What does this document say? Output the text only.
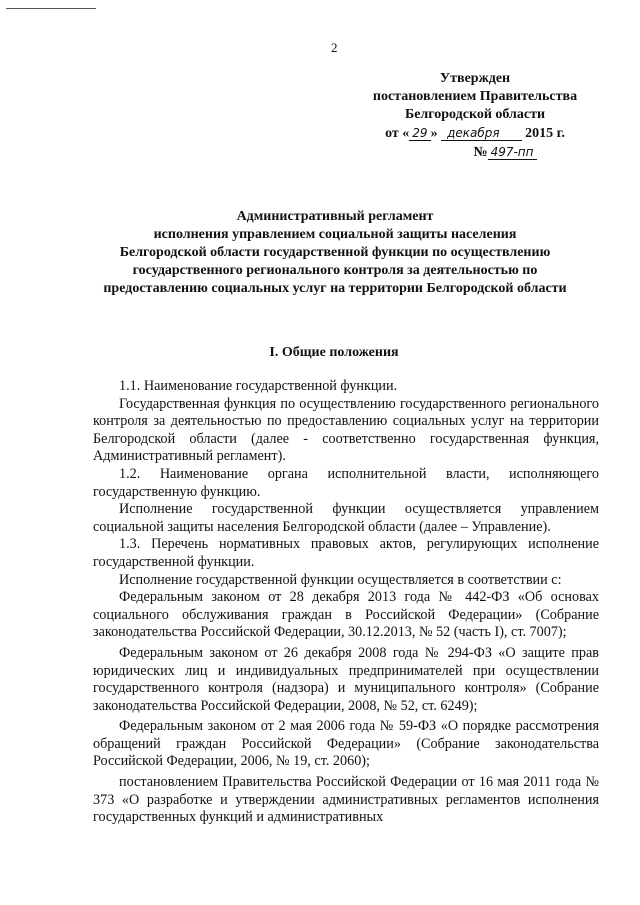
2
Утвержден
постановлением Правительства
Белгородской области
от « 29 » декабря 2015 г.
№ 497-пп
Административный регламент
исполнения управлением социальной защиты населения
Белгородской области государственной функции по осуществлению
государственного регионального контроля за деятельностью по
предоставлению социальных услуг на территории Белгородской области
I. Общие положения

1.1. Наименование государственной функции.

Государственная функция по осуществлению государственного регионального контроля за деятельностью по предоставлению социальных услуг на территории Белгородской области (далее - соответственно государственная функция, Административный регламент).

1.2. Наименование органа исполнительной власти, исполняющего государственную функцию.

Исполнение государственной функции осуществляется управлением социальной защиты населения Белгородской области (далее – Управление).

1.3. Перечень нормативных правовых актов, регулирующих исполнение государственной функции.

Исполнение государственной функции осуществляется в соответствии с:

Федеральным законом от 28 декабря 2013 года № 442-ФЗ «Об основах социального обслуживания граждан в Российской Федерации» (Собрание законодательства Российской Федерации, 30.12.2013, № 52 (часть I), ст. 7007);

Федеральным законом от 26 декабря 2008 года № 294-ФЗ «О защите прав юридических лиц и индивидуальных предпринимателей при осуществлении государственного контроля (надзора) и муниципального контроля» (Собрание законодательства Российской Федерации, 2008, № 52, ст. 6249);

Федеральным законом от 2 мая 2006 года № 59-ФЗ «О порядке рассмотрения обращений граждан Российской Федерации» (Собрание законодательства Российской Федерации, 2006, № 19, ст. 2060);

постановлением Правительства Российской Федерации от 16 мая 2011 года № 373 «О разработке и утверждении административных регламентов исполнения государственных функций и административных
